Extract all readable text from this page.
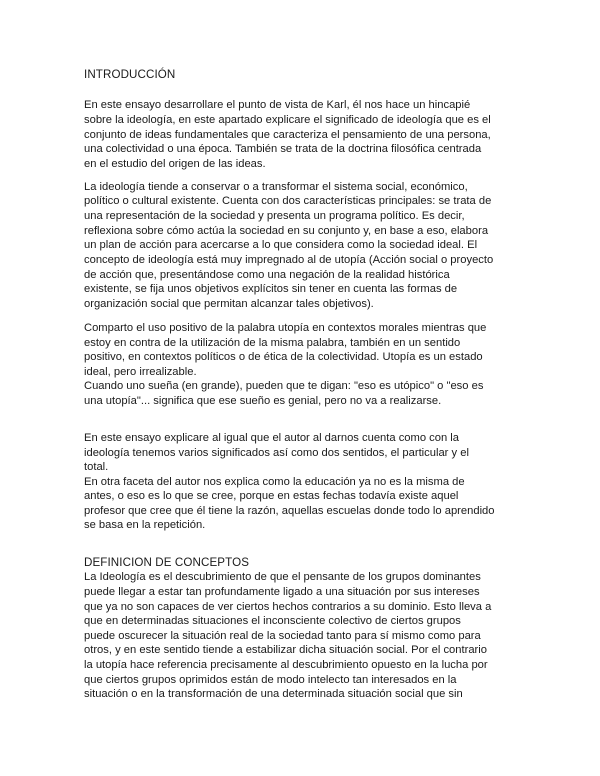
INTRODUCCIÓN

En este ensayo desarrollare el punto de vista de Karl, él nos hace un hincapié

sobre la ideología, en este apartado explicare el significado de ideología que es el

conjunto de ideas fundamentales que caracteriza el pensamiento de una persona,

una colectividad o una época. También se trata de la doctrina filosófica centrada

en el estudio del origen de las ideas.

La ideología tiende a conservar o a transformar el sistema social, económico,

político o cultural existente. Cuenta con dos características principales: se trata de

una representación de la sociedad y presenta un programa político. Es decir,

reflexiona sobre cómo actúa la sociedad en su conjunto y, en base a eso, elabora

un plan de acción para acercarse a lo que considera como la sociedad ideal. El

concepto de ideología está muy impregnado al de utopía (Acción social o proyecto

de acción que, presentándose como una negación de la realidad histórica

existente, se fija unos objetivos explícitos sin tener en cuenta las formas de

organización social que permitan alcanzar tales objetivos).

Comparto el uso positivo de la palabra utopía en contextos morales mientras que

estoy en contra de la utilización de la misma palabra, también en un sentido

positivo, en contextos políticos o de ética de la colectividad. Utopía es un estado

ideal, pero irrealizable.

Cuando uno sueña (en grande), pueden que te digan: "eso es utópico" o "eso es

una utopía"... significa que ese sueño es genial, pero no va a realizarse.

En este ensayo explicare al igual que el autor al darnos cuenta como con la

ideología tenemos varios significados así como dos sentidos, el particular y el

total.

En otra faceta del autor nos explica como la educación ya no es la misma de

antes, o eso es lo que se cree, porque en estas fechas todavía existe aquel

profesor que cree que él tiene la razón, aquellas escuelas donde todo lo aprendido

se basa en la repetición.

DEFINICION DE CONCEPTOS

La Ideología es el descubrimiento de que el pensante de los grupos dominantes

puede llegar a estar tan profundamente ligado a una situación por sus intereses

que ya no son capaces de ver ciertos hechos contrarios a su dominio. Esto lleva a

que en determinadas situaciones el inconsciente colectivo de ciertos grupos

puede oscurecer la situación real de la sociedad tanto para sí mismo como para

otros, y en este sentido tiende a estabilizar dicha situación social. Por el contrario

la utopía hace referencia precisamente al descubrimiento opuesto en la lucha por

que ciertos grupos oprimidos están de modo intelecto tan interesados en la

situación o en la transformación de una determinada situación social que sin
